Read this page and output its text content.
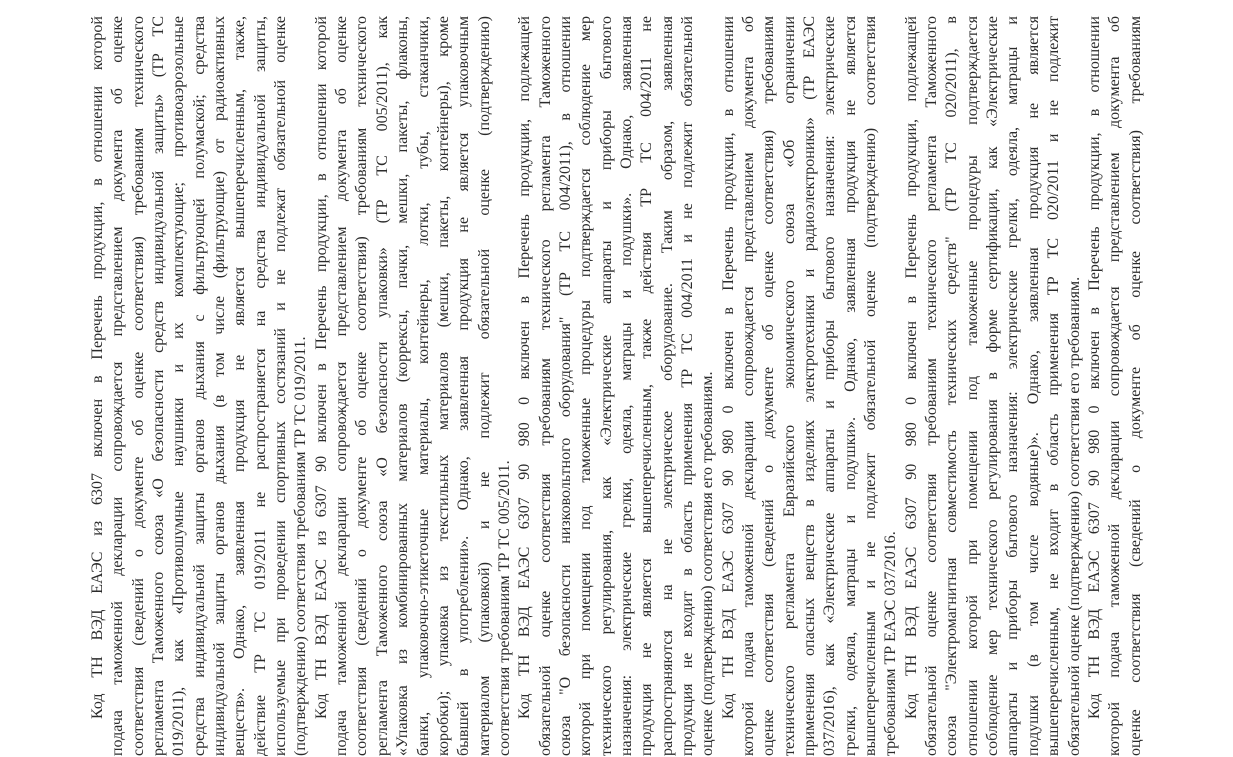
Код ТН ВЭД ЕАЭС из 6307 включен в Перечень продукции, в отношении которой подача таможенной декларации сопровождается представлением документа об оценке соответствия (сведений о документе об оценке соответствия) требованиям технического регламента Таможенного союза «О безопасности средств индивидуальной защиты» (ТР ТС 019/2011), как «Противошумные наушники и их комплектующие; противоаэрозольные средства индивидуальной защиты органов дыхания с фильтрующей полумаской; средства индивидуальной защиты органов дыхания (в том числе (фильтрующие) от радиоактивных веществ». Однако, заявленная продукция не является вышеперечисленным, также, действие ТР ТС 019/2011 не распространяется на средства индивидуальной защиты, используемые при проведении спортивных состязаний и не подлежат обязательной оценке (подтверждению) соответствия требованиям ТР ТС 019/2011. Код ТН ВЭД ЕАЭС из 6307 90 включен в Перечень продукции, в отношении которой подача таможенной декларации сопровождается представлением документа об оценке соответствия (сведений о документе об оценке соответствия) требованиям технического регламента Таможенного союза «О безопасности упаковки» (ТР ТС 005/2011), как «Упаковка из комбинированных материалов (коррексы, пачки, мешки, пакеты, флаконы, банки, упаковочно-этикеточные материалы, контейнеры, лотки, тубы, стаканчики, коробки); упаковка из текстильных материалов (мешки, пакеты, контейнеры), кроме бывшей в употреблении». Однако, заявленная продукция не является упаковочным материалом (упаковкой) и не подлежит обязательной оценке (подтверждению) соответствия требованиям ТР ТС 005/2011. Код ТН ВЭД ЕАЭС 6307 90 980 0 включен в Перечень продукции, подлежащей обязательной оценке соответствия требованиям технического регламента Таможенного союза "О безопасности низковольтного оборудования" (ТР ТС 004/2011), в отношении которой при помещении под таможенные процедуры подтверждается соблюдение мер технического регулирования, как «Электрические аппараты и приборы бытового назначения: электрические грелки, одеяла, матрацы и подушки». Однако, заявленная продукция не является вышеперечисленным, также действия ТР ТС 004/2011 не распространяются на не электрическое оборудование. Таким образом, заявленная продукция не входит в область применения ТР ТС 004/2011 и не подлежит обязательной оценке (подтверждению) соответствия его требованиям. Код ТН ВЭД ЕАЭС 6307 90 980 0 включен в Перечень продукции, в отношении которой подача таможенной декларации сопровождается представлением документа об оценке соответствия (сведений о документе об оценке соответствия) требованиям технического регламента Евразийского экономического союза «Об ограничении применения опасных веществ в изделиях электротехники и радиоэлектроники» (ТР ЕАЭС 037/2016), как «Электрические аппараты и приборы бытового назначения: электрические грелки, одеяла, матрацы и подушки». Однако, заявленная продукция не является вышеперечисленным и не подлежит обязательной оценке (подтверждению) соответствия требованиям ТР ЕАЭС 037/2016. Код ТН ВЭД ЕАЭС 6307 90 980 0 включен в Перечень продукции, подлежащей обязательной оценке соответствия требованиям технического регламента Таможенного союза "Электромагнитная совместимость технических средств" (ТР ТС 020/2011), в отношении которой при помещении под таможенные процедуры подтверждается соблюдение мер технического регулирования в форме сертификации, как «Электрические аппараты и приборы бытового назначения: электрические грелки, одеяла, матрацы и подушки (в том числе водяные)». Однако, заявленная продукция не является вышеперечисленным, не входит в область применения ТР ТС 020/2011 и не подлежит обязательной оценке (подтверждению) соответствия его требованиям. Код ТН ВЭД ЕАЭС 6307 90 980 0 включен в Перечень продукции, в отношении которой подача таможенной декларации сопровождается представлением документа об оценке соответствия (сведений о документе об оценке соответствия) требованиям
